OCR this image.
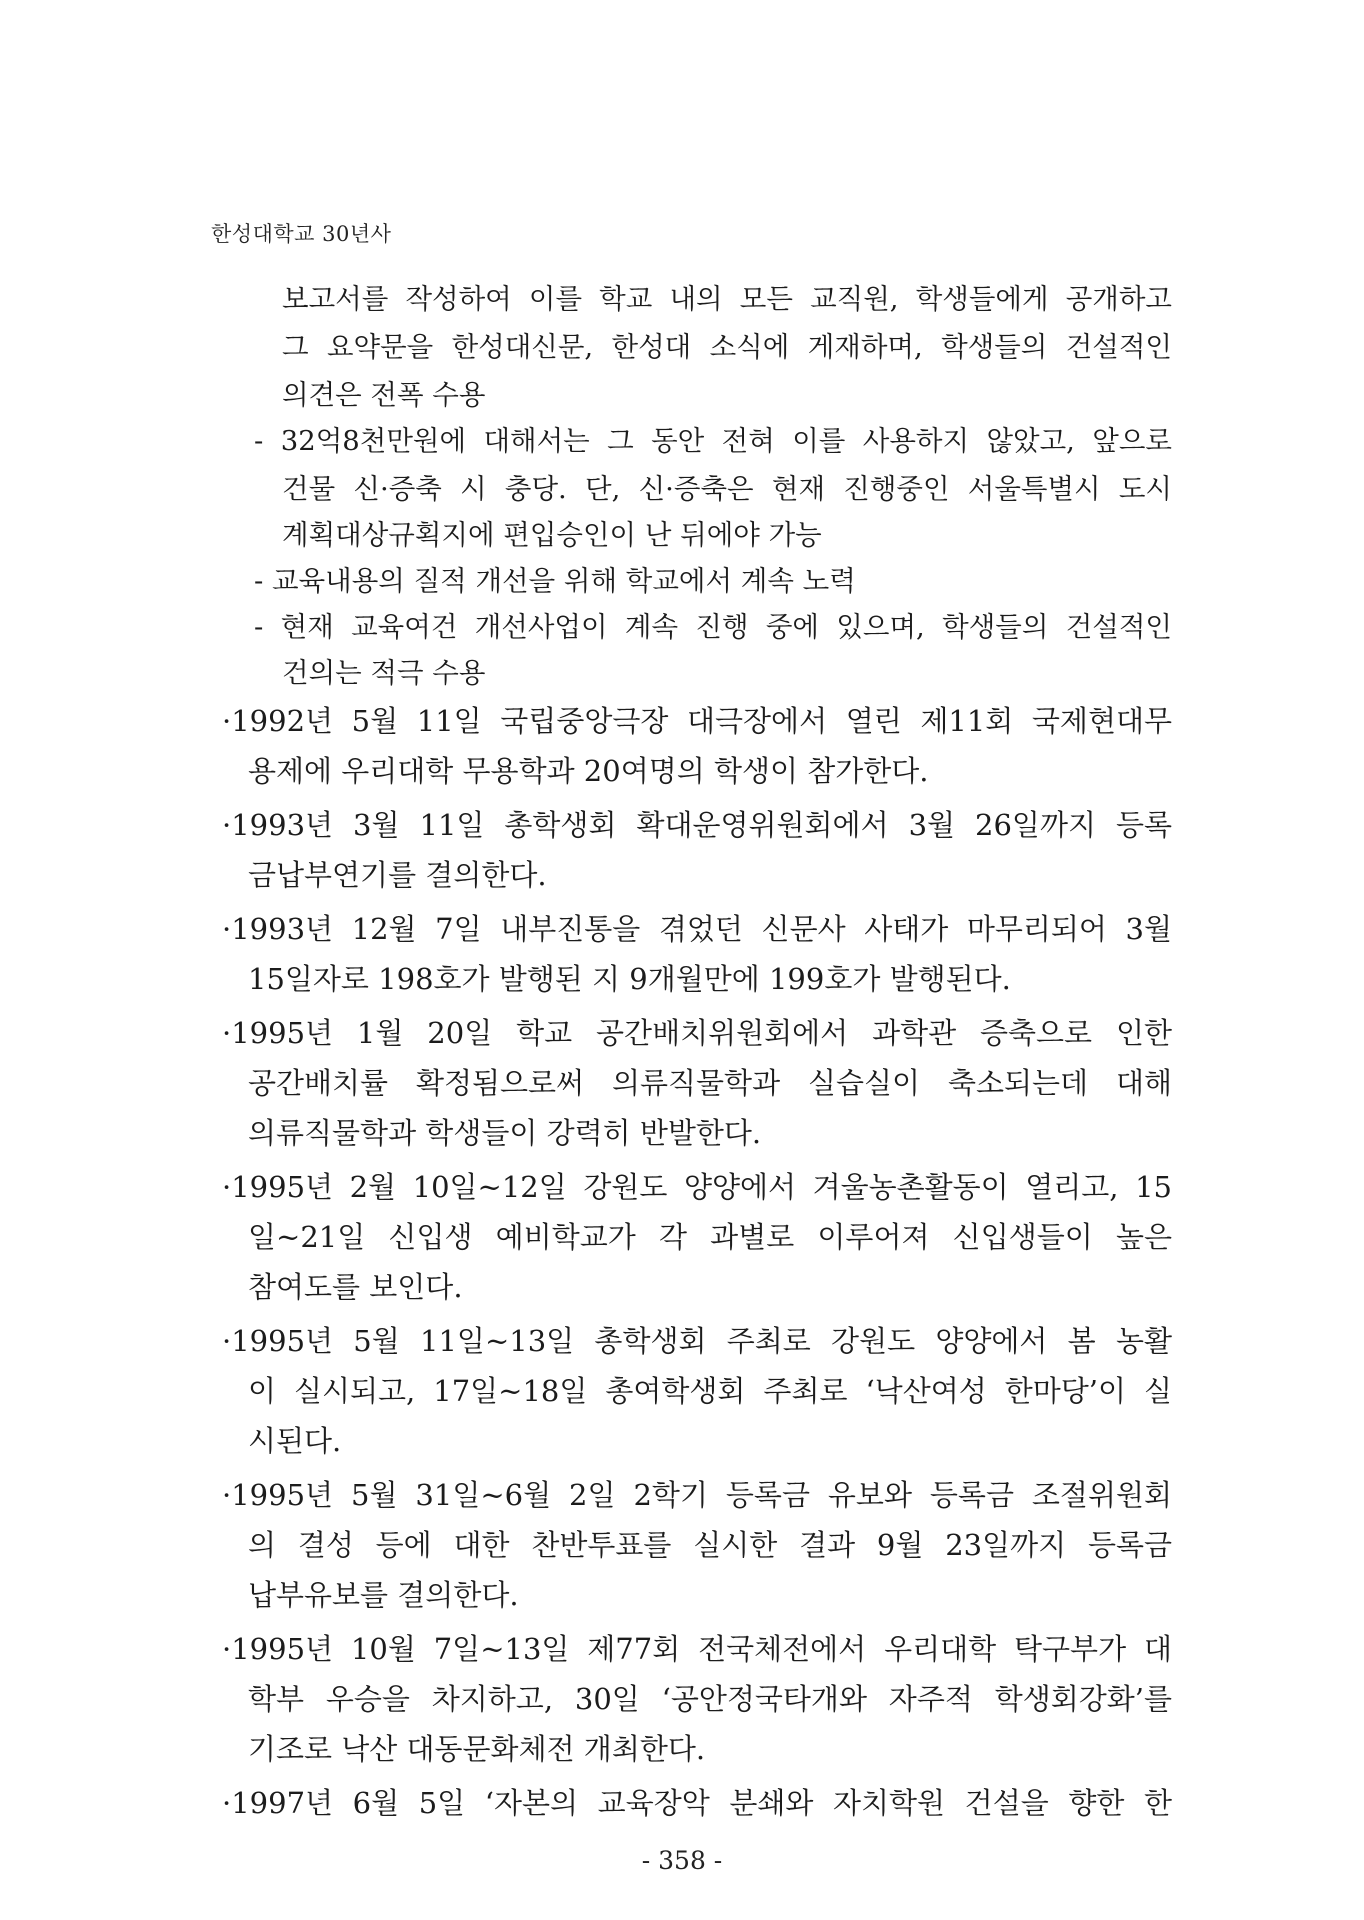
한성대학교 30년사
보고서를 작성하여 이를 학교 내의 모든 교직원, 학생들에게 공개하고
그 요약문을 한성대신문, 한성대 소식에 게재하며, 학생들의 건설적인
의견은 전폭 수용
- 32억8천만원에 대해서는 그 동안 전혀 이를 사용하지 않았고, 앞으로
건물 신·증축 시 충당. 단, 신·증축은 현재 진행중인 서울특별시 도시
계획대상규획지에 편입승인이 난 뒤에야 가능
- 교육내용의 질적 개선을 위해 학교에서 계속 노력
- 현재 교육여건 개선사업이 계속 진행 중에 있으며, 학생들의 건설적인
건의는 적극 수용
·1992년 5월 11일 국립중앙극장 대극장에서 열린 제11회 국제현대무
용제에 우리대학 무용학과 20여명의 학생이 참가한다.
·1993년 3월 11일 총학생회 확대운영위원회에서 3월 26일까지 등록
금납부연기를 결의한다.
·1993년 12월 7일 내부진통을 겪었던 신문사 사태가 마무리되어 3월
15일자로 198호가 발행된 지 9개월만에 199호가 발행된다.
·1995년 1월 20일 학교 공간배치위원회에서 과학관 증축으로 인한
공간배치률 확정됨으로써 의류직물학과 실습실이 축소되는데 대해
의류직물학과 학생들이 강력히 반발한다.
·1995년 2월 10일~12일 강원도 양양에서 겨울농촌활동이 열리고, 15
일~21일 신입생 예비학교가 각 과별로 이루어져 신입생들이 높은
참여도를 보인다.
·1995년 5월 11일~13일 총학생회 주최로 강원도 양양에서 봄 농활
이 실시되고, 17일~18일 총여학생회 주최로 ‘낙산여성 한마당’이 실
시된다.
·1995년 5월 31일~6월 2일 2학기 등록금 유보와 등록금 조절위원회
의 결성 등에 대한 찬반투표를 실시한 결과 9월 23일까지 등록금
납부유보를 결의한다.
·1995년 10월 7일~13일 제77회 전국체전에서 우리대학 탁구부가 대
학부 우승을 차지하고, 30일 ‘공안정국타개와 자주적 학생회강화’를
기조로 낙산 대동문화체전 개최한다.
·1997년 6월 5일 ‘자본의 교육장악 분쇄와 자치학원 건설을 향한 한
- 358 -
